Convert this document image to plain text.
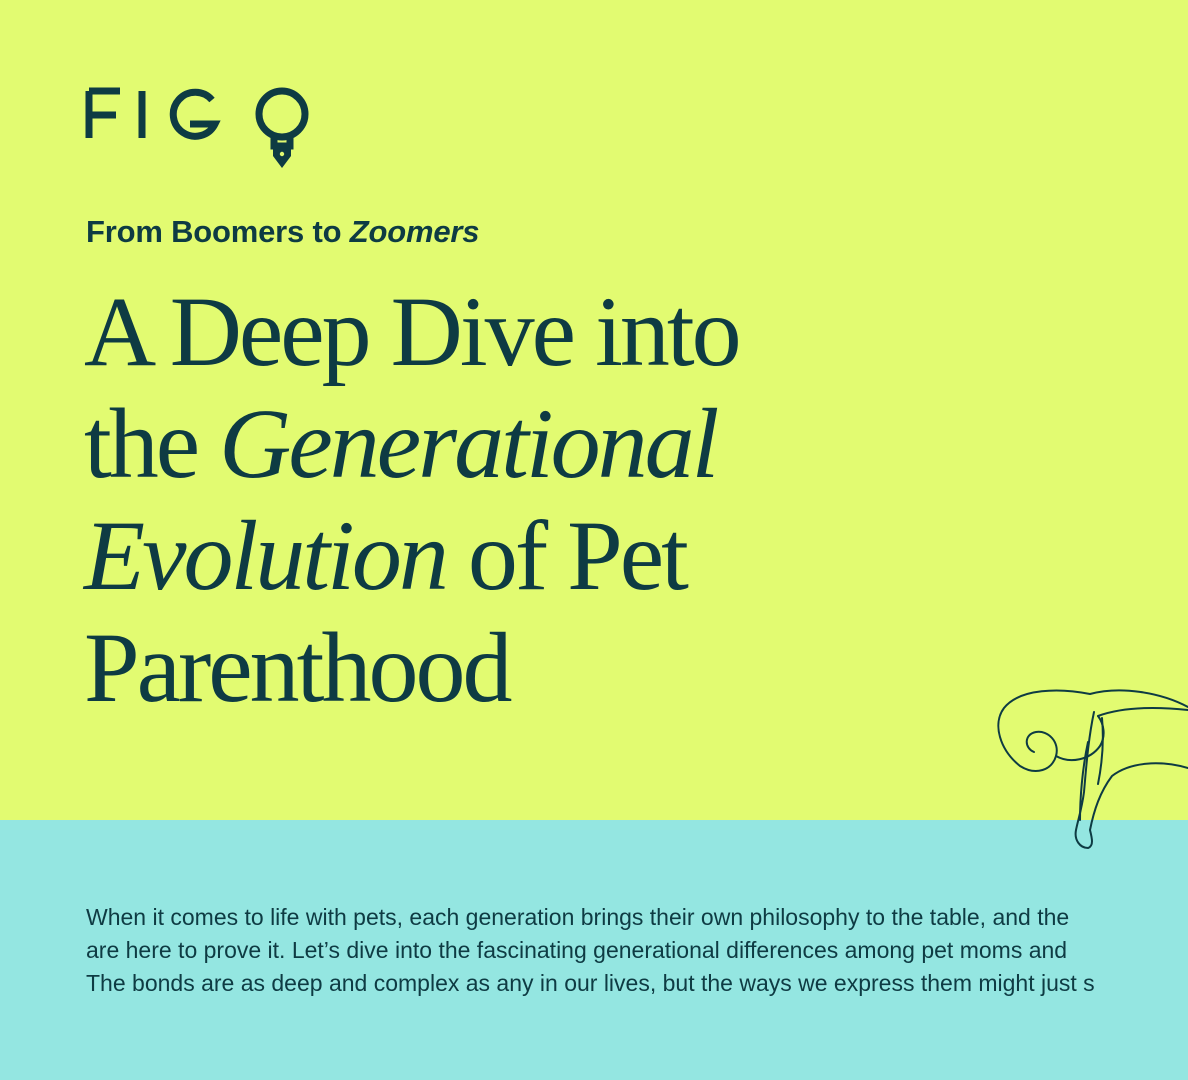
From Boomers to Zoomers
A Deep Dive into
the Generational
Evolution of Pet
Parenthood

When it comes to life with pets, each generation brings their own philosophy to the table, and the
are here to prove it. Let’s dive into the fascinating generational differences among pet moms and
The bonds are as deep and complex as any in our lives, but the ways we express them might just s
